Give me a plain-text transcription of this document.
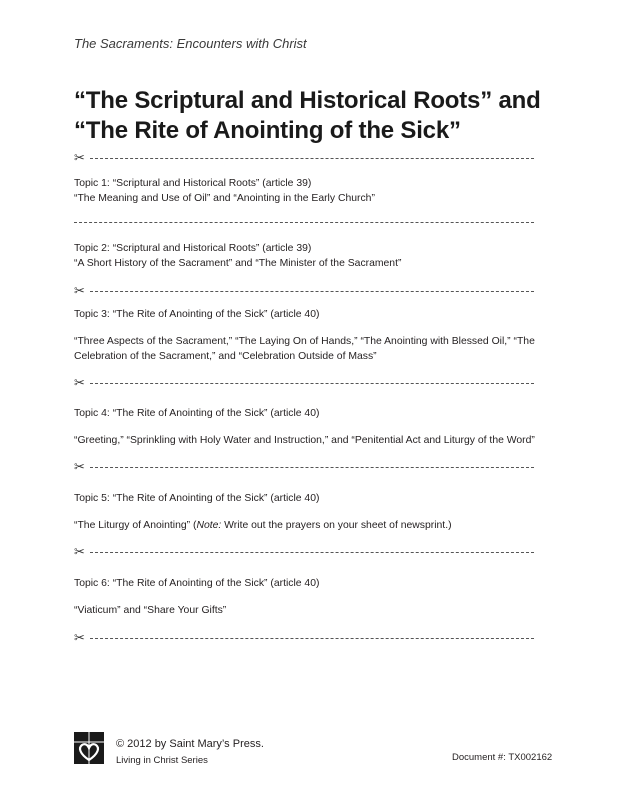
The Sacraments: Encounters with Christ
“The Scriptural and Historical Roots” and
“The Rite of Anointing of the Sick”
✂
✂
✂
✂
✂
✂
Topic 1: “Scriptural and Historical Roots” (article 39)
“The Meaning and Use of Oil” and “Anointing in the Early Church”
Topic 2: “Scriptural and Historical Roots” (article 39)
“A Short History of the Sacrament” and “The Minister of the Sacrament”
Topic 3: “The Rite of Anointing of the Sick” (article 40)
“Three Aspects of the Sacrament,” “The Laying On of Hands,” “The Anointing with Blessed Oil,” “The Celebration of the Sacrament,” and “Celebration Outside of Mass”
Topic 4: “The Rite of Anointing of the Sick” (article 40)
“Greeting,” “Sprinkling with Holy Water and Instruction,” and “Penitential Act and Liturgy of the Word”
Topic 5: “The Rite of Anointing of the Sick” (article 40)
“The Liturgy of Anointing” (Note: Write out the prayers on your sheet of newsprint.)
Topic 6: “The Rite of Anointing of the Sick” (article 40)
“Viaticum” and “Share Your Gifts”
© 2012 by Saint Mary’s Press.
Living in Christ Series	Document #: TX002162
